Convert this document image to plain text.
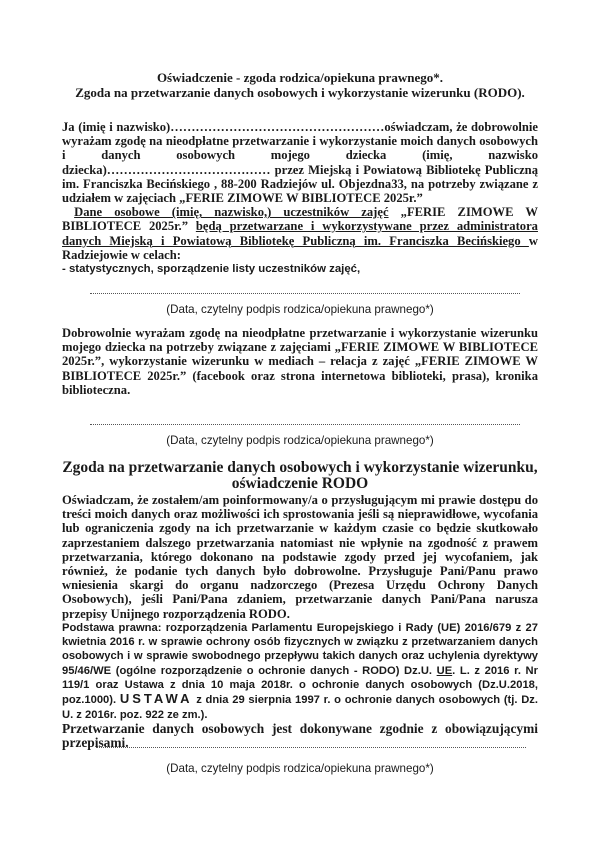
Oświadczenie - zgoda rodzica/opiekuna prawnego*.
Zgoda na przetwarzanie danych osobowych i wykorzystanie wizerunku (RODO).

Ja (imię i nazwisko)……………………………………………oświadczam, że dobrowolnie wyrażam zgodę na nieodpłatne przetwarzanie i wykorzystanie moich danych osobowych i danych osobowych mojego dziecka (imię, nazwisko dziecka)………………………………… przez Miejską i Powiatową Bibliotekę Publiczną im. Franciszka Becińskiego , 88-200 Radziejów ul. Objezdna33, na potrzeby związane z udziałem w zajęciach „FERIE ZIMOWE W BIBLIOTECE 2025r.”

Dane osobowe (imię, nazwisko,) uczestników zajęć „FERIE ZIMOWE W BIBLIOTECE 2025r.” będą przetwarzane i wykorzystywane przez administratora danych Miejską i Powiatową Bibliotekę Publiczną im. Franciszka Becińskiego w Radziejowie w celach:

- statystycznych, sporządzenie listy uczestników zajęć,

(Data, czytelny podpis rodzica/opiekuna prawnego*)

Dobrowolnie wyrażam zgodę na nieodpłatne przetwarzanie i wykorzystanie wizerunku mojego dziecka na potrzeby związane z zajęciami „FERIE ZIMOWE W BIBLIOTECE 2025r.”, wykorzystanie wizerunku w mediach – relacja z zajęć „FERIE ZIMOWE W BIBLIOTECE 2025r.” (facebook oraz strona internetowa biblioteki, prasa), kronika biblioteczna.

(Data, czytelny podpis rodzica/opiekuna prawnego*)
Zgoda na przetwarzanie danych osobowych i wykorzystanie wizerunku,
oświadczenie RODO

Oświadczam, że zostałem/am poinformowany/a o przysługującym mi prawie dostępu do treści moich danych oraz możliwości ich sprostowania jeśli są nieprawidłowe, wycofania lub ograniczenia zgody na ich przetwarzanie w każdym czasie co będzie skutkowało zaprzestaniem dalszego przetwarzania natomiast nie wpłynie na zgodność z prawem przetwarzania, którego dokonano na podstawie zgody przed jej wycofaniem, jak również, że podanie tych danych było dobrowolne. Przysługuje Pani/Panu prawo wniesienia skargi do organu nadzorczego (Prezesa Urzędu Ochrony Danych Osobowych), jeśli Pani/Pana zdaniem, przetwarzanie danych Pani/Pana narusza przepisy Unijnego rozporządzenia RODO.

Podstawa prawna: rozporządzenia Parlamentu Europejskiego i Rady (UE) 2016/679 z 27 kwietnia 2016 r. w sprawie ochrony osób fizycznych w związku z przetwarzaniem danych osobowych i w sprawie swobodnego przepływu takich danych oraz uchylenia dyrektywy 95/46/WE (ogólne rozporządzenie o ochronie danych - RODO) Dz.U. UE. L. z 2016 r. Nr 119/1 oraz Ustawa z dnia 10 maja 2018r. o ochronie danych osobowych (Dz.U.2018, poz.1000). USTAWA z dnia 29 sierpnia 1997 r. o ochronie danych osobowych (tj. Dz. U. z 2016r. poz. 922 ze zm.).

Przetwarzanie danych osobowych jest dokonywane zgodnie z obowiązującymi przepisami.

(Data, czytelny podpis rodzica/opiekuna prawnego*)
